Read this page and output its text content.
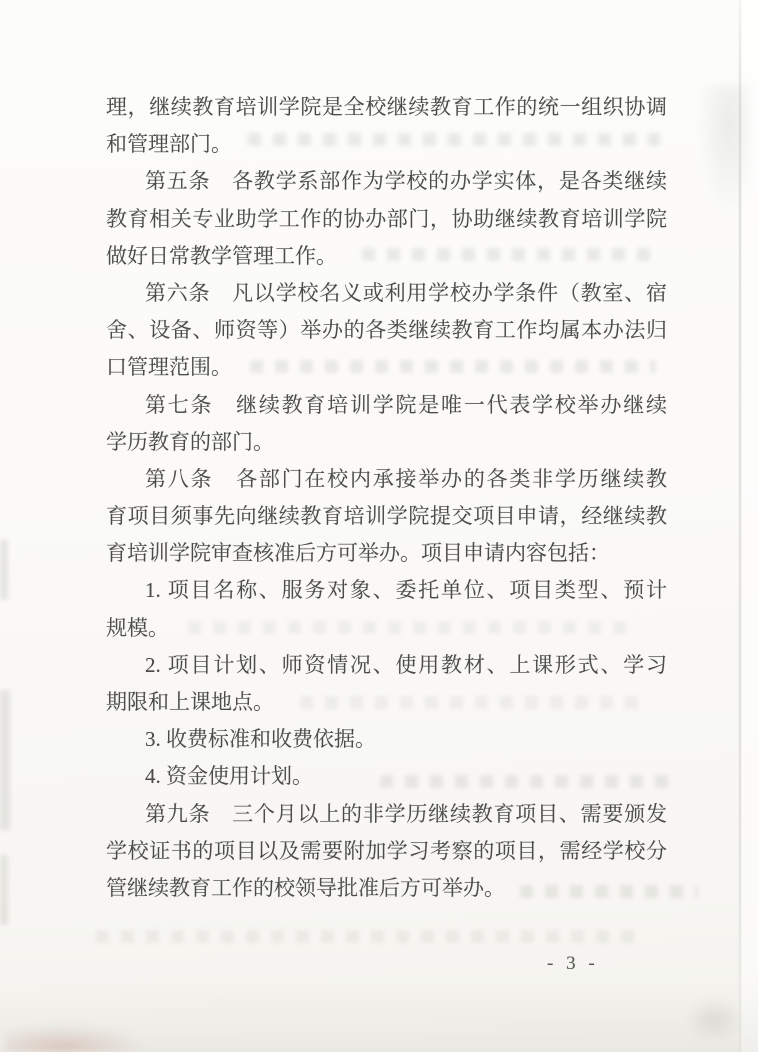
理，继续教育培训学院是全校继续教育工作的统一组织协调
和管理部门。
第五条　各教学系部作为学校的办学实体，是各类继续
教育相关专业助学工作的协办部门，协助继续教育培训学院
做好日常教学管理工作。
第六条　凡以学校名义或利用学校办学条件（教室、宿
舍、设备、师资等）举办的各类继续教育工作均属本办法归
口管理范围。
第七条　继续教育培训学院是唯一代表学校举办继续
学历教育的部门。
第八条　各部门在校内承接举办的各类非学历继续教
育项目须事先向继续教育培训学院提交项目申请，经继续教
育培训学院审查核准后方可举办。项目申请内容包括：
1. 项目名称、服务对象、委托单位、项目类型、预计
规模。
2. 项目计划、师资情况、使用教材、上课形式、学习
期限和上课地点。
3. 收费标准和收费依据。
4. 资金使用计划。
第九条　三个月以上的非学历继续教育项目、需要颁发
学校证书的项目以及需要附加学习考察的项目，需经学校分
管继续教育工作的校领导批准后方可举办。
- 3 -
